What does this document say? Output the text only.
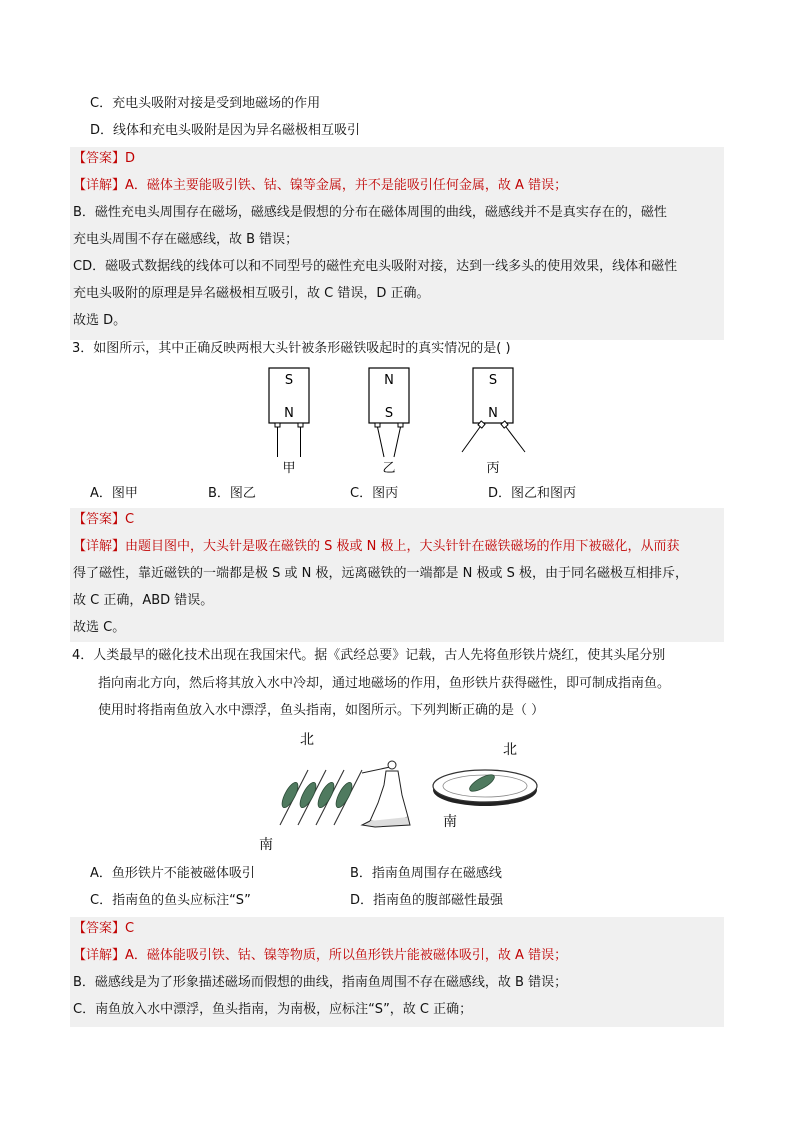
C．充电头吸附对接是受到地磁场的作用
D．线体和充电头吸附是因为异名磁极相互吸引
【答案】D
【详解】A．磁体主要能吸引铁、钴、镍等金属，并不是能吸引任何金属，故 A 错误；
B．磁性充电头周围存在磁场，磁感线是假想的分布在磁体周围的曲线，磁感线并不是真实存在的，磁性
充电头周围不存在磁感线，故 B 错误；
CD．磁吸式数据线的线体可以和不同型号的磁性充电头吸附对接，达到一线多头的使用效果，线体和磁性
充电头吸附的原理是异名磁极相互吸引，故 C 错误，D 正确。
故选 D。
3．如图所示，其中正确反映两根大头针被条形磁铁吸起时的真实情况的是( )
S
N
甲
N
S
乙
S
N
丙
A．图甲	B．图乙	C．图丙	D．图乙和图丙
【答案】C
【详解】由题目图中，大头针是吸在磁铁的 S 极或 N 极上，大头针针在磁铁磁场的作用下被磁化，从而获
得了磁性，靠近磁铁的一端都是极 S 或 N 极，远离磁铁的一端都是 N 极或 S 极，由于同名磁极互相排斥，
故 C 正确，ABD 错误。
故选 C。
4．人类最早的磁化技术出现在我国宋代。据《武经总要》记载，古人先将鱼形铁片烧红，使其头尾分别
指向南北方向，然后将其放入水中冷却，通过地磁场的作用，鱼形铁片获得磁性，即可制成指南鱼。
使用时将指南鱼放入水中漂浮，鱼头指南，如图所示。下列判断正确的是（ ）
北
南
北
南
A．鱼形铁片不能被磁体吸引	B．指南鱼周围存在磁感线
C．指南鱼的鱼头应标注“S”	D．指南鱼的腹部磁性最强
【答案】C
【详解】A．磁体能吸引铁、钴、镍等物质，所以鱼形铁片能被磁体吸引，故 A 错误；
B．磁感线是为了形象描述磁场而假想的曲线，指南鱼周围不存在磁感线，故 B 错误；
C．南鱼放入水中漂浮，鱼头指南，为南极，应标注“S”，故 C 正确；
